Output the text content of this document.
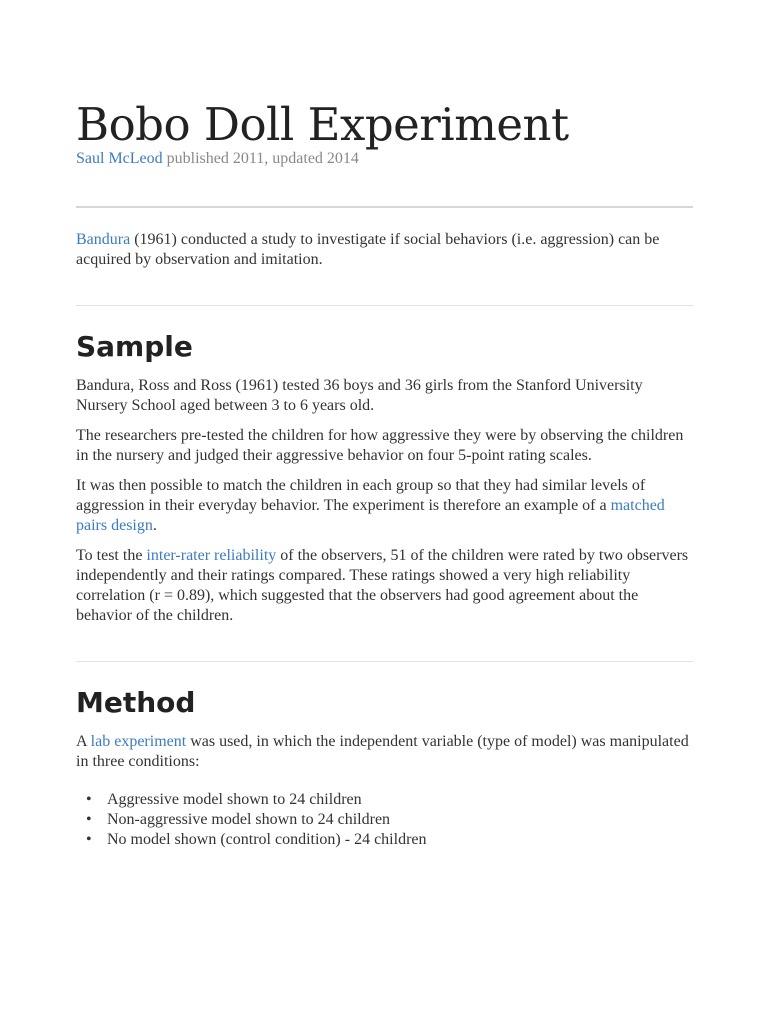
Bobo Doll Experiment
Saul McLeod published 2011, updated 2014

Bandura (1961) conducted a study to investigate if social behaviors (i.e. aggression) can be acquired by observation and imitation.

Sample

Bandura, Ross and Ross (1961) tested 36 boys and 36 girls from the Stanford University Nursery School aged between 3 to 6 years old.

The researchers pre-tested the children for how aggressive they were by observing the children in the nursery and judged their aggressive behavior on four 5-point rating scales.

It was then possible to match the children in each group so that they had similar levels of aggression in their everyday behavior. The experiment is therefore an example of a matched pairs design.

To test the inter-rater reliability of the observers, 51 of the children were rated by two observers independently and their ratings compared. These ratings showed a very high reliability correlation (r = 0.89), which suggested that the observers had good agreement about the behavior of the children.

Method

A lab experiment was used, in which the independent variable (type of model) was manipulated in three conditions:

• Aggressive model shown to 24 children
• Non-aggressive model shown to 24 children
• No model shown (control condition) - 24 children
